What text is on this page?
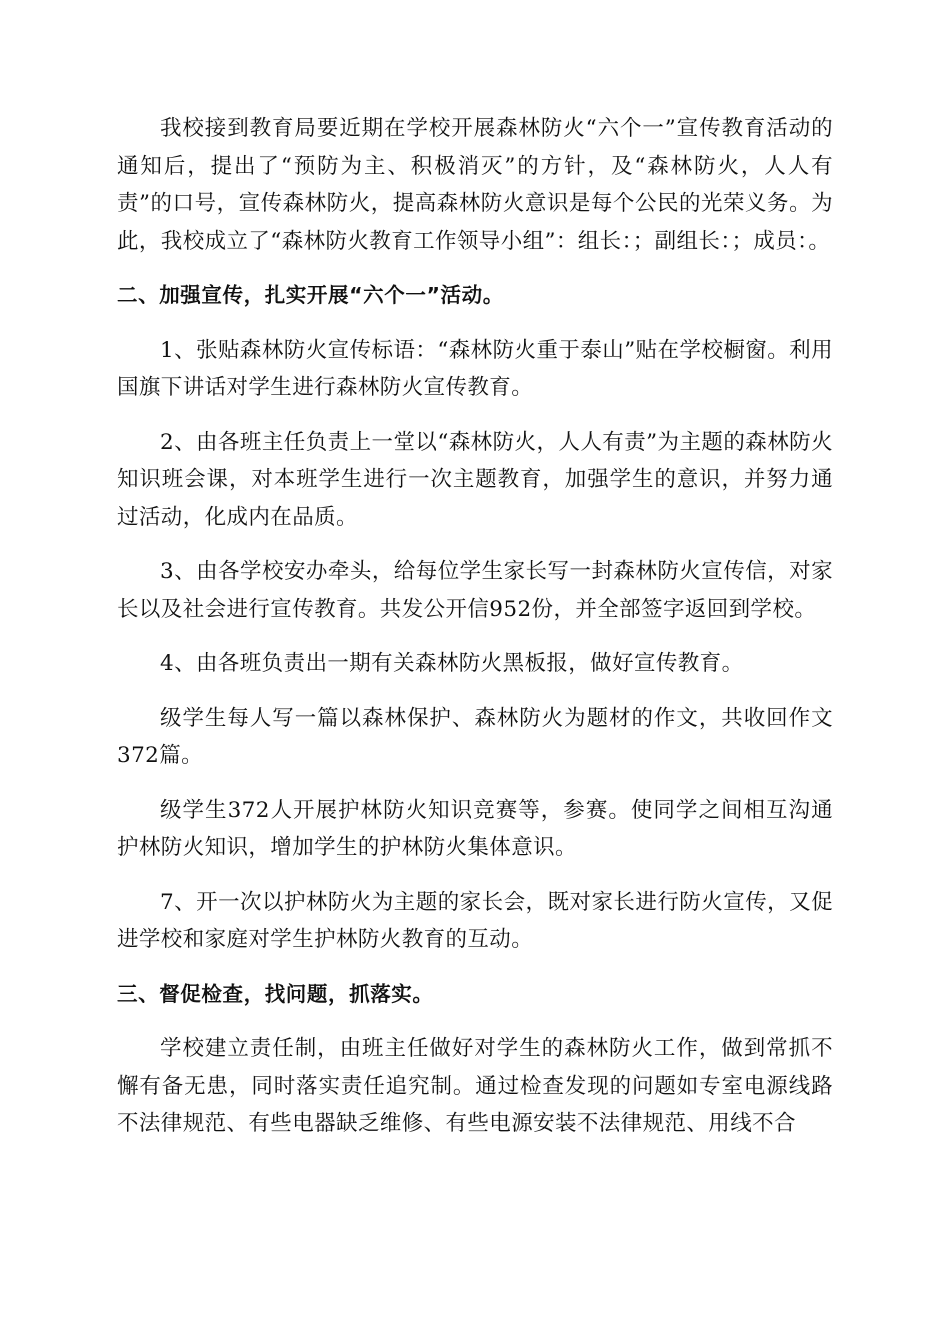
我校接到教育局要近期在学校开展森林防火“六个一”宣传教育活动的通知后，提出了“预防为主、积极消灭”的方针，及“森林防火，人人有责”的口号，宣传森林防火，提高森林防火意识是每个公民的光荣义务。为此，我校成立了“森林防火教育工作领导小组”：组长：；副组长：；成员：。

二、加强宣传，扎实开展“六个一”活动。

1、张贴森林防火宣传标语：“森林防火重于泰山”贴在学校橱窗。利用国旗下讲话对学生进行森林防火宣传教育。

2、由各班主任负责上一堂以“森林防火，人人有责”为主题的森林防火知识班会课，对本班学生进行一次主题教育，加强学生的意识，并努力通过活动，化成内在品质。

3、由各学校安办牵头，给每位学生家长写一封森林防火宣传信，对家长以及社会进行宣传教育。共发公开信952份，并全部签字返回到学校。

4、由各班负责出一期有关森林防火黑板报，做好宣传教育。

级学生每人写一篇以森林保护、森林防火为题材的作文，共收回作文372篇。

级学生372人开展护林防火知识竞赛等，参赛。使同学之间相互沟通护林防火知识，增加学生的护林防火集体意识。

7、开一次以护林防火为主题的家长会，既对家长进行防火宣传，又促进学校和家庭对学生护林防火教育的互动。

三、督促检查，找问题，抓落实。

学校建立责任制，由班主任做好对学生的森林防火工作，做到常抓不懈有备无患，同时落实责任追究制。通过检查发现的问题如专室电源线路不法律规范、有些电器缺乏维修、有些电源安装不法律规范、用线不合
